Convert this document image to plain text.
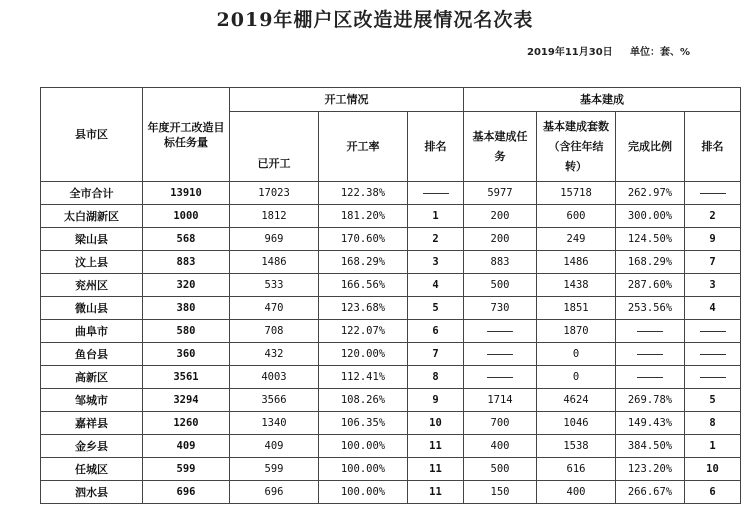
2019年棚户区改造进展情况名次表
2019年11月30日 单位：套、%
县市区	年度开工改造目标任务量	开工情况			基本建成			
		已开工	开工率	排名	基本建成任务	基本建成套数（含往年结转）	完成比例	排名
全市合计	13910	17023	122.38%		5977	15718	262.97%	
太白湖新区	1000	1812	181.20%	1	200	600	300.00%	2
梁山县	568	969	170.60%	2	200	249	124.50%	9
汶上县	883	1486	168.29%	3	883	1486	168.29%	7
兖州区	320	533	166.56%	4	500	1438	287.60%	3
微山县	380	470	123.68%	5	730	1851	253.56%	4
曲阜市	580	708	122.07%	6		1870		
鱼台县	360	432	120.00%	7		0		
高新区	3561	4003	112.41%	8		0		
邹城市	3294	3566	108.26%	9	1714	4624	269.78%	5
嘉祥县	1260	1340	106.35%	10	700	1046	149.43%	8
金乡县	409	409	100.00%	11	400	1538	384.50%	1
任城区	599	599	100.00%	11	500	616	123.20%	10
泗水县	696	696	100.00%	11	150	400	266.67%	6
